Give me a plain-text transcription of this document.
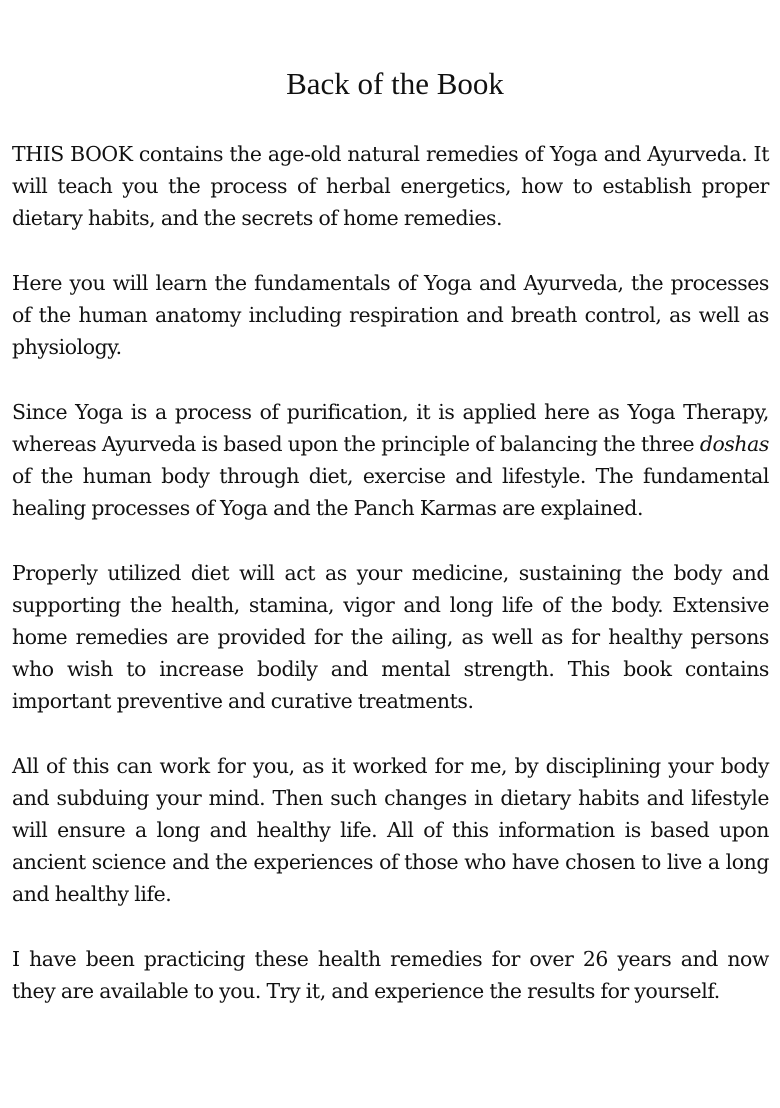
Back of the Book

THIS BOOK contains the age-old natural remedies of Yoga and Ayurveda. It will teach you the process of herbal energetics, how to establish proper dietary habits, and the secrets of home remedies.

Here you will learn the fundamentals of Yoga and Ayurveda, the processes of the human anatomy including respiration and breath control, as well as physiology.

Since Yoga is a process of purification, it is applied here as Yoga Therapy, whereas Ayurveda is based upon the principle of balancing the three doshas of the human body through diet, exercise and lifestyle. The fundamental healing processes of Yoga and the Panch Karmas are explained.

Properly utilized diet will act as your medicine, sustaining the body and supporting the health, stamina, vigor and long life of the body. Extensive home remedies are provided for the ailing, as well as for healthy persons who wish to increase bodily and mental strength. This book contains important preventive and curative treatments.

All of this can work for you, as it worked for me, by disciplining your body and subduing your mind. Then such changes in dietary habits and lifestyle will ensure a long and healthy life. All of this information is based upon ancient science and the experiences of those who have chosen to live a long and healthy life.

I have been practicing these health remedies for over 26 years and now they are available to you. Try it, and experience the results for yourself.
